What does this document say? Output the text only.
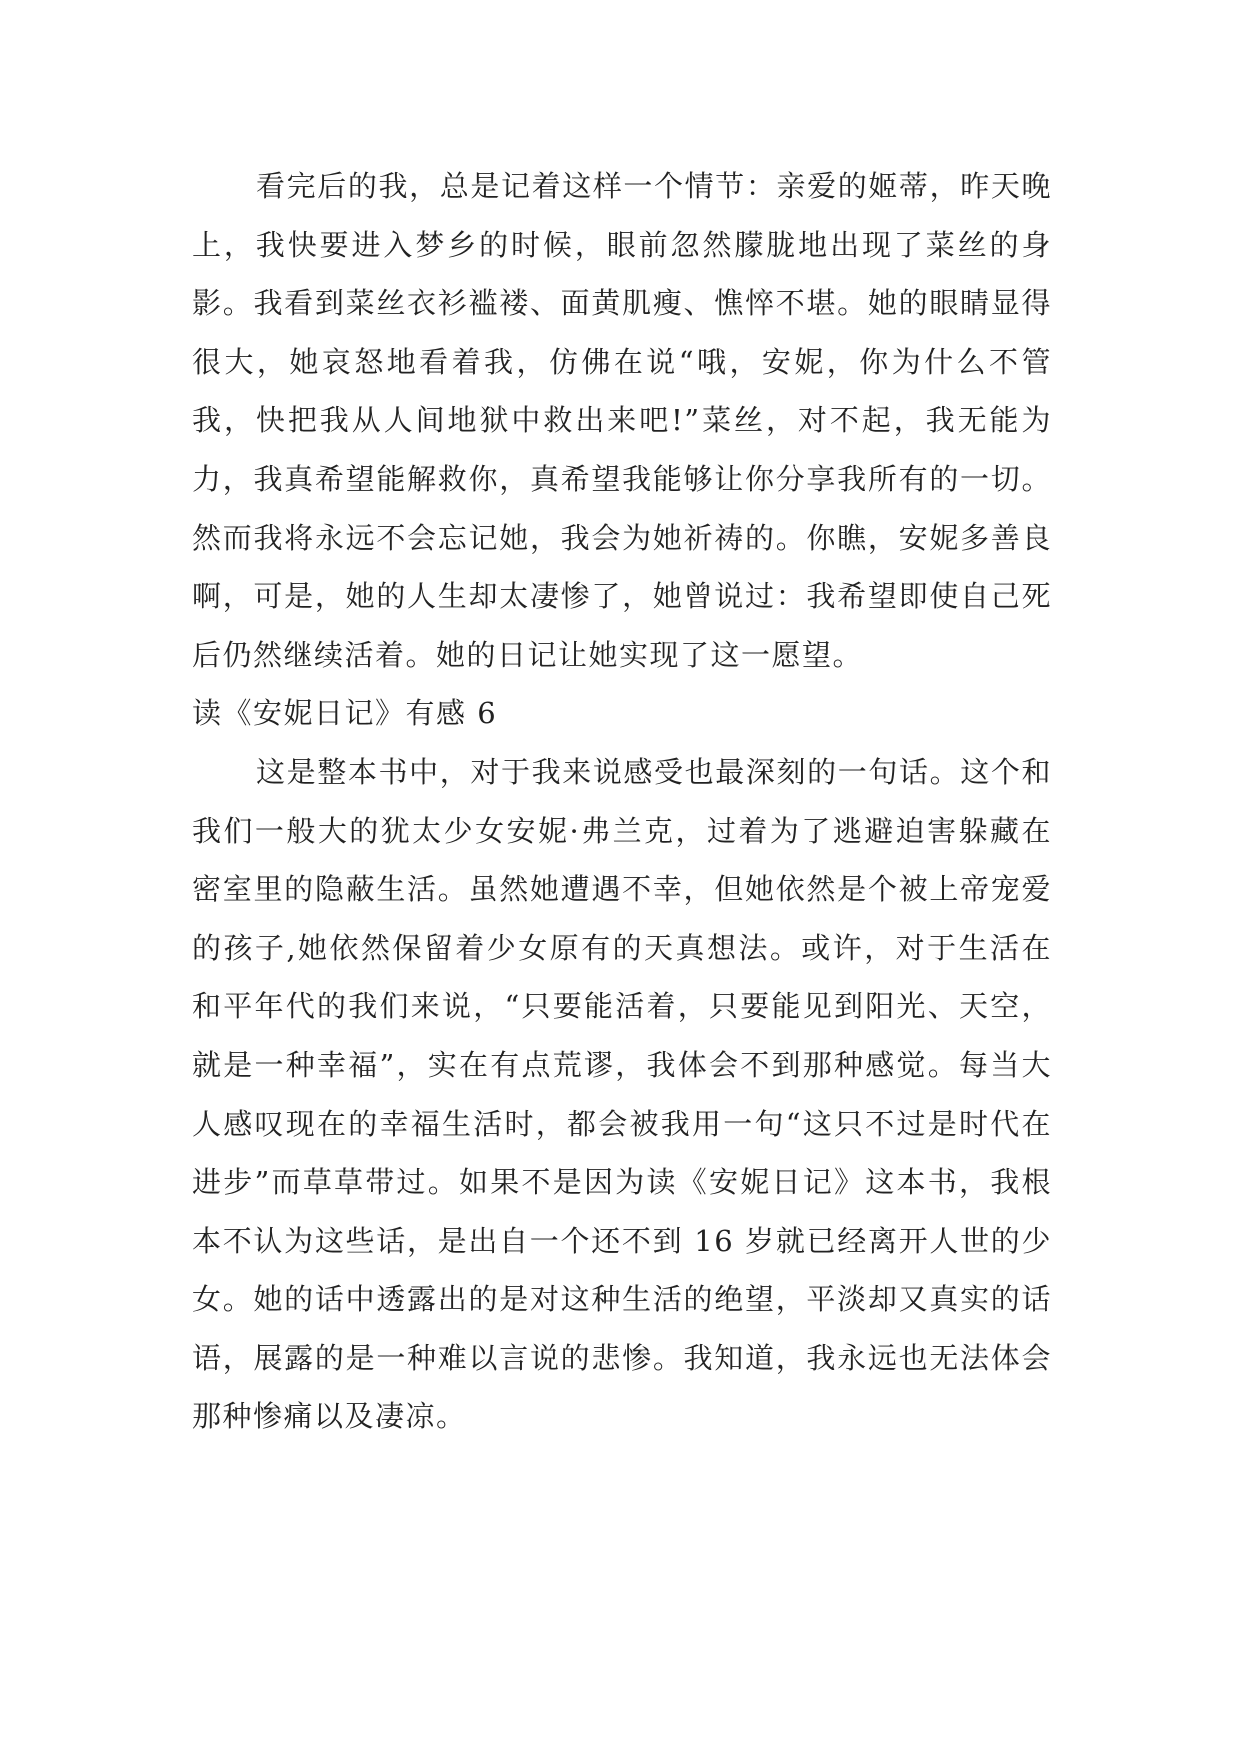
看完后的我，总是记着这样一个情节：亲爱的姬蒂，昨天晚上，我快要进入梦乡的时候，眼前忽然朦胧地出现了菜丝的身影。我看到菜丝衣衫褴褛、面黄肌瘦、憔悴不堪。她的眼睛显得很大，她哀怒地看着我，仿佛在说“哦，安妮，你为什么不管我，快把我从人间地狱中救出来吧!”菜丝，对不起，我无能为力，我真希望能解救你，真希望我能够让你分享我所有的一切。然而我将永远不会忘记她，我会为她祈祷的。你瞧，安妮多善良啊，可是，她的人生却太凄惨了，她曾说过：我希望即使自己死后仍然继续活着。她的日记让她实现了这一愿望。

读《安妮日记》有感 6

这是整本书中，对于我来说感受也最深刻的一句话。这个和我们一般大的犹太少女安妮·弗兰克，过着为了逃避迫害躲藏在密室里的隐蔽生活。虽然她遭遇不幸，但她依然是个被上帝宠爱的孩子,她依然保留着少女原有的天真想法。或许，对于生活在和平年代的我们来说，“只要能活着，只要能见到阳光、天空，就是一种幸福”，实在有点荒谬，我体会不到那种感觉。每当大人感叹现在的幸福生活时，都会被我用一句“这只不过是时代在进步”而草草带过。如果不是因为读《安妮日记》这本书，我根本不认为这些话，是出自一个还不到 16 岁就已经离开人世的少女。她的话中透露出的是对这种生活的绝望，平淡却又真实的话语，展露的是一种难以言说的悲惨。我知道，我永远也无法体会那种惨痛以及凄凉。
